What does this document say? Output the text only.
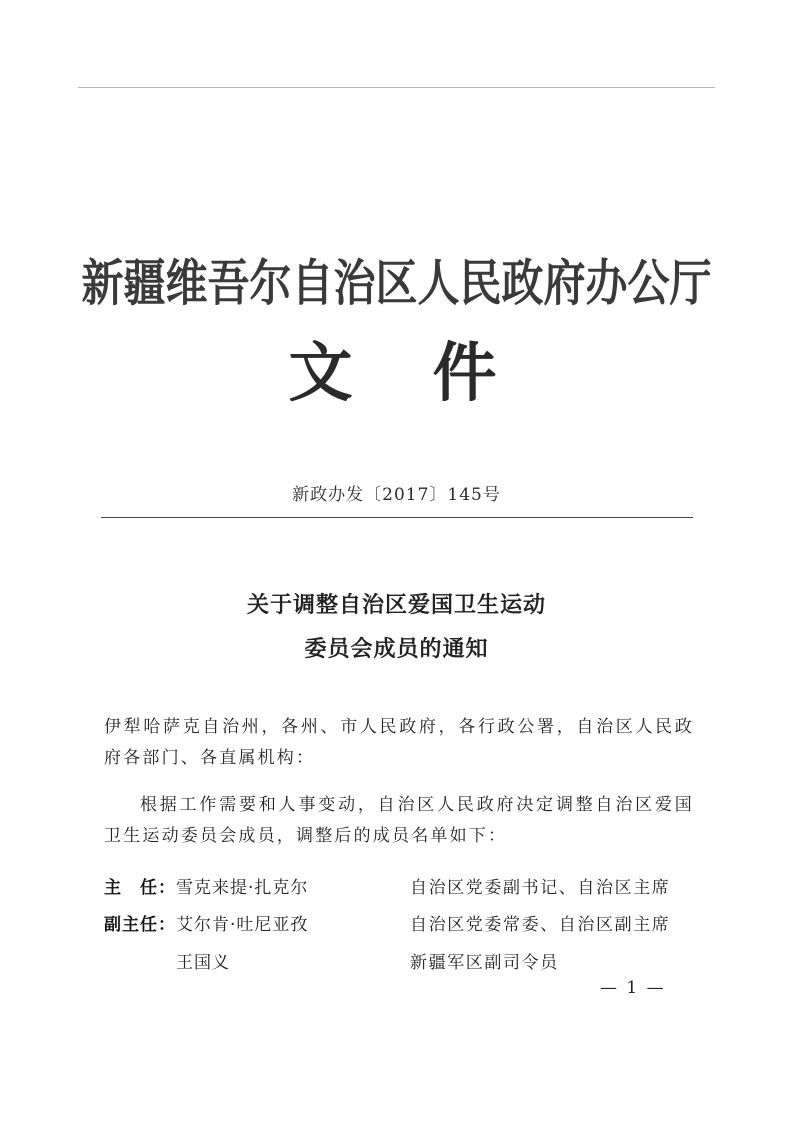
新疆维吾尔自治区人民政府办公厅
文 件
新政办发〔2017〕145号
关于调整自治区爱国卫生运动
委员会成员的通知
伊犁哈萨克自治州，各州、市人民政府，各行政公署，自治区人民政府各部门、各直属机构：
根据工作需要和人事变动，自治区人民政府决定调整自治区爱国卫生运动委员会成员，调整后的成员名单如下：
主　任： 雪克来提·扎克尔	自治区党委副书记、自治区主席
副主任： 艾尔肯·吐尼亚孜	自治区党委常委、自治区副主席
王国义	新疆军区副司令员
— 1 —
